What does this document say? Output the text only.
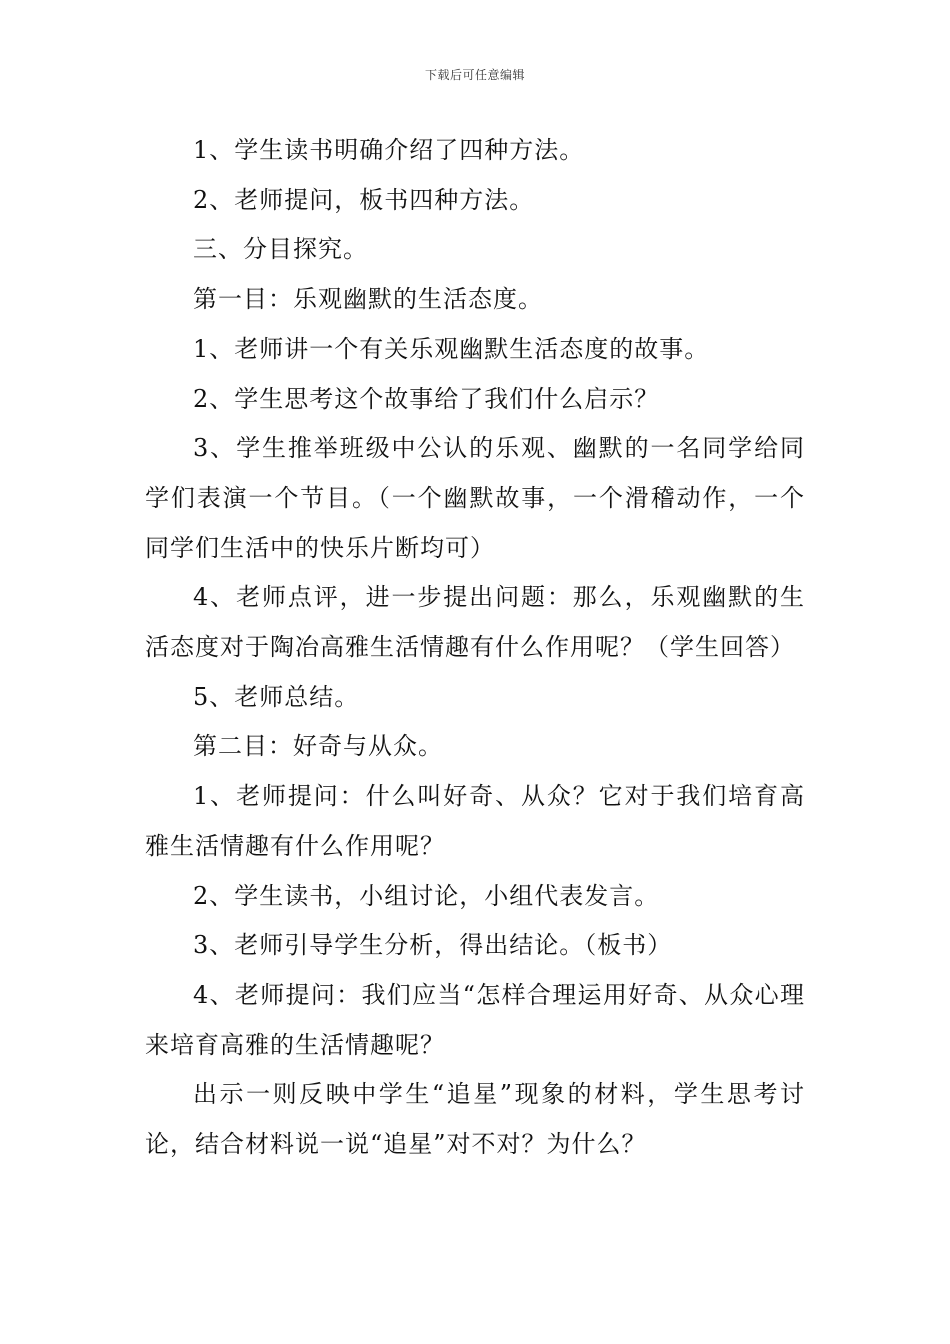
下载后可任意编辑

1、学生读书明确介绍了四种方法。

2、老师提问，板书四种方法。

三、分目探究。

第一目：乐观幽默的生活态度。

1、老师讲一个有关乐观幽默生活态度的故事。

2、学生思考这个故事给了我们什么启示？

3、学生推举班级中公认的乐观、幽默的一名同学给同学们表演一个节目。（一个幽默故事，一个滑稽动作，一个同学们生活中的快乐片断均可）

4、老师点评，进一步提出问题：那么，乐观幽默的生活态度对于陶冶高雅生活情趣有什么作用呢？（学生回答）

5、老师总结。

第二目：好奇与从众。

1、老师提问：什么叫好奇、从众？它对于我们培育高雅生活情趣有什么作用呢？

2、学生读书，小组讨论，小组代表发言。

3、老师引导学生分析，得出结论。（板书）

4、老师提问：我们应当“怎样合理运用好奇、从众心理来培育高雅的生活情趣呢？

出示一则反映中学生“追星”现象的材料，学生思考讨论，结合材料说一说“追星”对不对？为什么？
